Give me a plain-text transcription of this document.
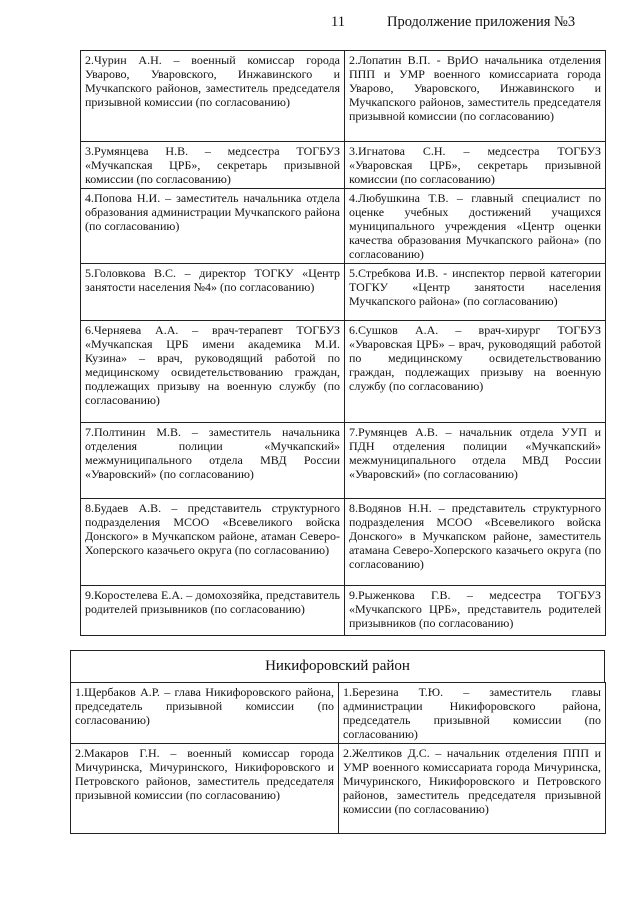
11	Продолжение приложения №3
2.Чурин А.Н. – военный комиссар города Уварово, Уваровского, Инжавинского и Мучкапского районов, заместитель председателя призывной комиссии (по согласованию)	2.Лопатин В.П. - ВрИО начальника отделения ППП и УМР военного комиссариата города Уварово, Уваровского, Инжавинского и Мучкапского районов, заместитель председателя призывной комиссии (по согласованию)

3.Румянцева Н.В. – медсестра ТОГБУЗ «Мучкапская ЦРБ», секретарь призывной комиссии (по согласованию)	3.Игнатова С.Н. – медсестра ТОГБУЗ «Уваровская ЦРБ», секретарь призывной комиссии (по согласованию)

4.Попова Н.И. – заместитель начальника отдела образования администрации Мучкапского района (по согласованию)	4.Любушкина Т.В. – главный специалист по оценке учебных достижений учащихся муниципального учреждения «Центр оценки качества образования Мучкапского района» (по согласованию)

5.Головкова В.С. – директор ТОГКУ «Центр занятости населения №4» (по согласованию)	5.Стребкова И.В. - инспектор первой категории ТОГКУ «Центр занятости населения Мучкапского района» (по согласованию)

6.Черняева А.А. – врач-терапевт ТОГБУЗ «Мучкапская ЦРБ имени академика М.И. Кузина» – врач, руководящий работой по медицинскому освидетельствованию граждан, подлежащих призыву на военную службу (по согласованию)	6.Сушков А.А. – врач-хирург ТОГБУЗ «Уваровская ЦРБ» – врач, руководящий работой по медицинскому освидетельствованию граждан, подлежащих призыву на военную службу (по согласованию)

7.Полтинин М.В. – заместитель начальника отделения полиции «Мучкапский» межмуниципального отдела МВД России «Уваровский» (по согласованию)	7.Румянцев А.В. – начальник отдела УУП и ПДН отделения полиции «Мучкапский» межмуниципального отдела МВД России «Уваровский» (по согласованию)

8.Будаев А.В. – представитель структурного подразделения МСОО «Всевеликого войска Донского» в Мучкапском районе, атаман Северо-Хоперского казачьего округа (по согласованию)	8.Водянов Н.Н. – представитель структурного подразделения МСОО «Всевеликого войска Донского» в Мучкапском районе, заместитель атамана Северо-Хоперского казачьего округа (по согласованию)

9.Коростелева Е.А. – домохозяйка, представитель родителей призывников (по согласованию)	9.Рыженкова Г.В. – медсестра ТОГБУЗ «Мучкапского ЦРБ», представитель родителей призывников (по согласованию)
Никифоровский район
1.Щербаков А.Р. – глава Никифоровского района, председатель призывной комиссии (по согласованию)	1.Березина Т.Ю. – заместитель главы администрации Никифоровского района, председатель призывной комиссии (по согласованию)

2.Макаров Г.Н. – военный комиссар города Мичуринска, Мичуринского, Никифоровского и Петровского районов, заместитель председателя призывной комиссии (по согласованию)	2.Желтиков Д.С. – начальник отделения ППП и УМР военного комиссариата города Мичуринска, Мичуринского, Никифоровского и Петровского районов, заместитель председателя призывной комиссии (по согласованию)
